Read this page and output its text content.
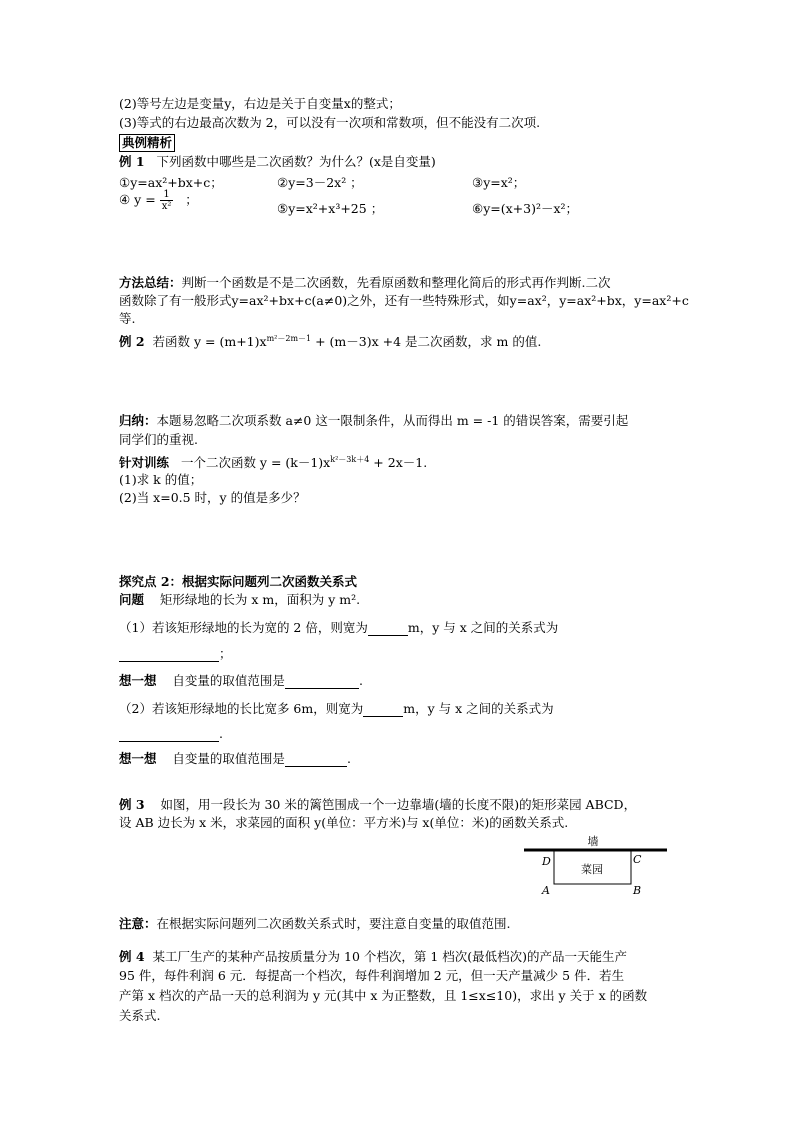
(2)等号左边是变量y，右边是关于自变量x的整式；
(3)等式的右边最高次数为 2，可以没有一次项和常数项，但不能没有二次项.
典例精析
例 1 下列函数中哪些是二次函数？为什么？(x是自变量)
①y=ax²+bx+c；	②y=3－2x² ；	③y=x²；
④ $y = \frac{1}{\text{x²}}$ ；
⑤y=x²+x³+25 ；	⑥y=(x+3)²－x²；
方法总结：判断一个函数是不是二次函数，先看原函数和整理化简后的形式再作判断.二次
函数除了有一般形式y=ax²+bx+c(a≠0)之外，还有一些特殊形式，如y=ax²，y=ax²+bx，y=ax²+c
等.
例 2 若函数 $y = (m+1)x^{m^2-2m-1} + (m-3)x +4$ 是二次函数，求 m 的值.
归纳：本题易忽略二次项系数 a≠0 这一限制条件，从而得出 m = -1 的错误答案，需要引起
同学们的重视.
针对训练 一个二次函数 $y = (k-1)x^{k^2-3k+4} + 2x-1$.
(1)求 k 的值；
(2)当 x=0.5 时，y 的值是多少？
探究点 2：根据实际问题列二次函数关系式
问题 矩形绿地的长为 x m，面积为 y m².
（1）若该矩形绿地的长为宽的 2 倍，则宽为	m，y 与 x 之间的关系式为
；
想一想 自变量的取值范围是	.
（2）若该矩形绿地的长比宽多 6m，则宽为	m，y 与 x 之间的关系式为
.
想一想 自变量的取值范围是	.
例 3 如图，用一段长为 30 米的篱笆围成一个一边靠墙(墙的长度不限)的矩形菜园 ABCD，
设 AB 边长为 x 米，求菜园的面积 y(单位：平方米)与 x(单位：米)的函数关系式.
墙
菜园
D	C
A	B
注意：在根据实际问题列二次函数关系式时，要注意自变量的取值范围.
例 4 某工厂生产的某种产品按质量分为 10 个档次，第 1 档次(最低档次)的产品一天能生产
95 件，每件利润 6 元．每提高一个档次，每件利润增加 2 元，但一天产量减少 5 件．若生
产第 x 档次的产品一天的总利润为 y 元(其中 x 为正整数，且 1≤x≤10)，求出 y 关于 x 的函数
关系式.
